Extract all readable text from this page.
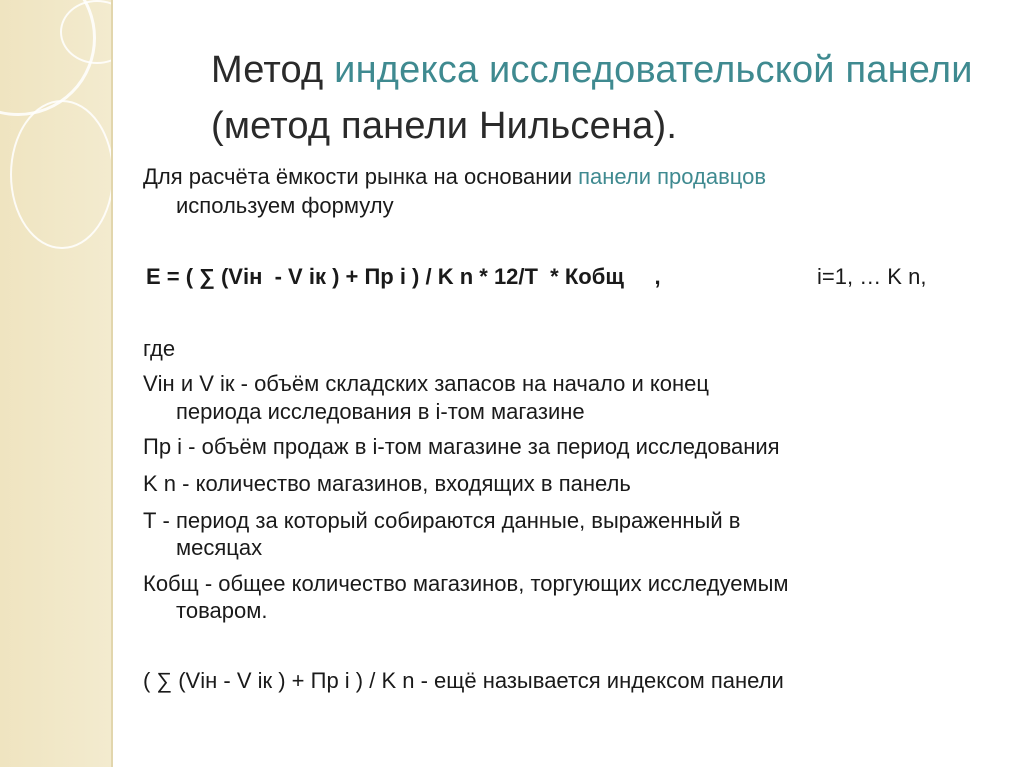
Метод индекса исследовательской панели (метод панели Нильсена).
Для расчёта ёмкости рынка на основании панели продавцов
используем формулу
Е = ( ∑ (Vін  - V ік ) + Пр і ) / K n * 12/Т  * Кобщ     ,	i=1, … K n,
где
Vін и V ік - объём складских запасов на начало и конец
периода исследования в і-том магазине
Пр і - объём продаж в і-том магазине за период исследования
K n - количество магазинов, входящих в панель
Т - период за который собираются данные, выраженный в
месяцах
Кобщ - общее количество магазинов, торгующих исследуемым
товаром.
( ∑ (Vін - V ік ) + Пр і ) / K n - ещё называется индексом панели
